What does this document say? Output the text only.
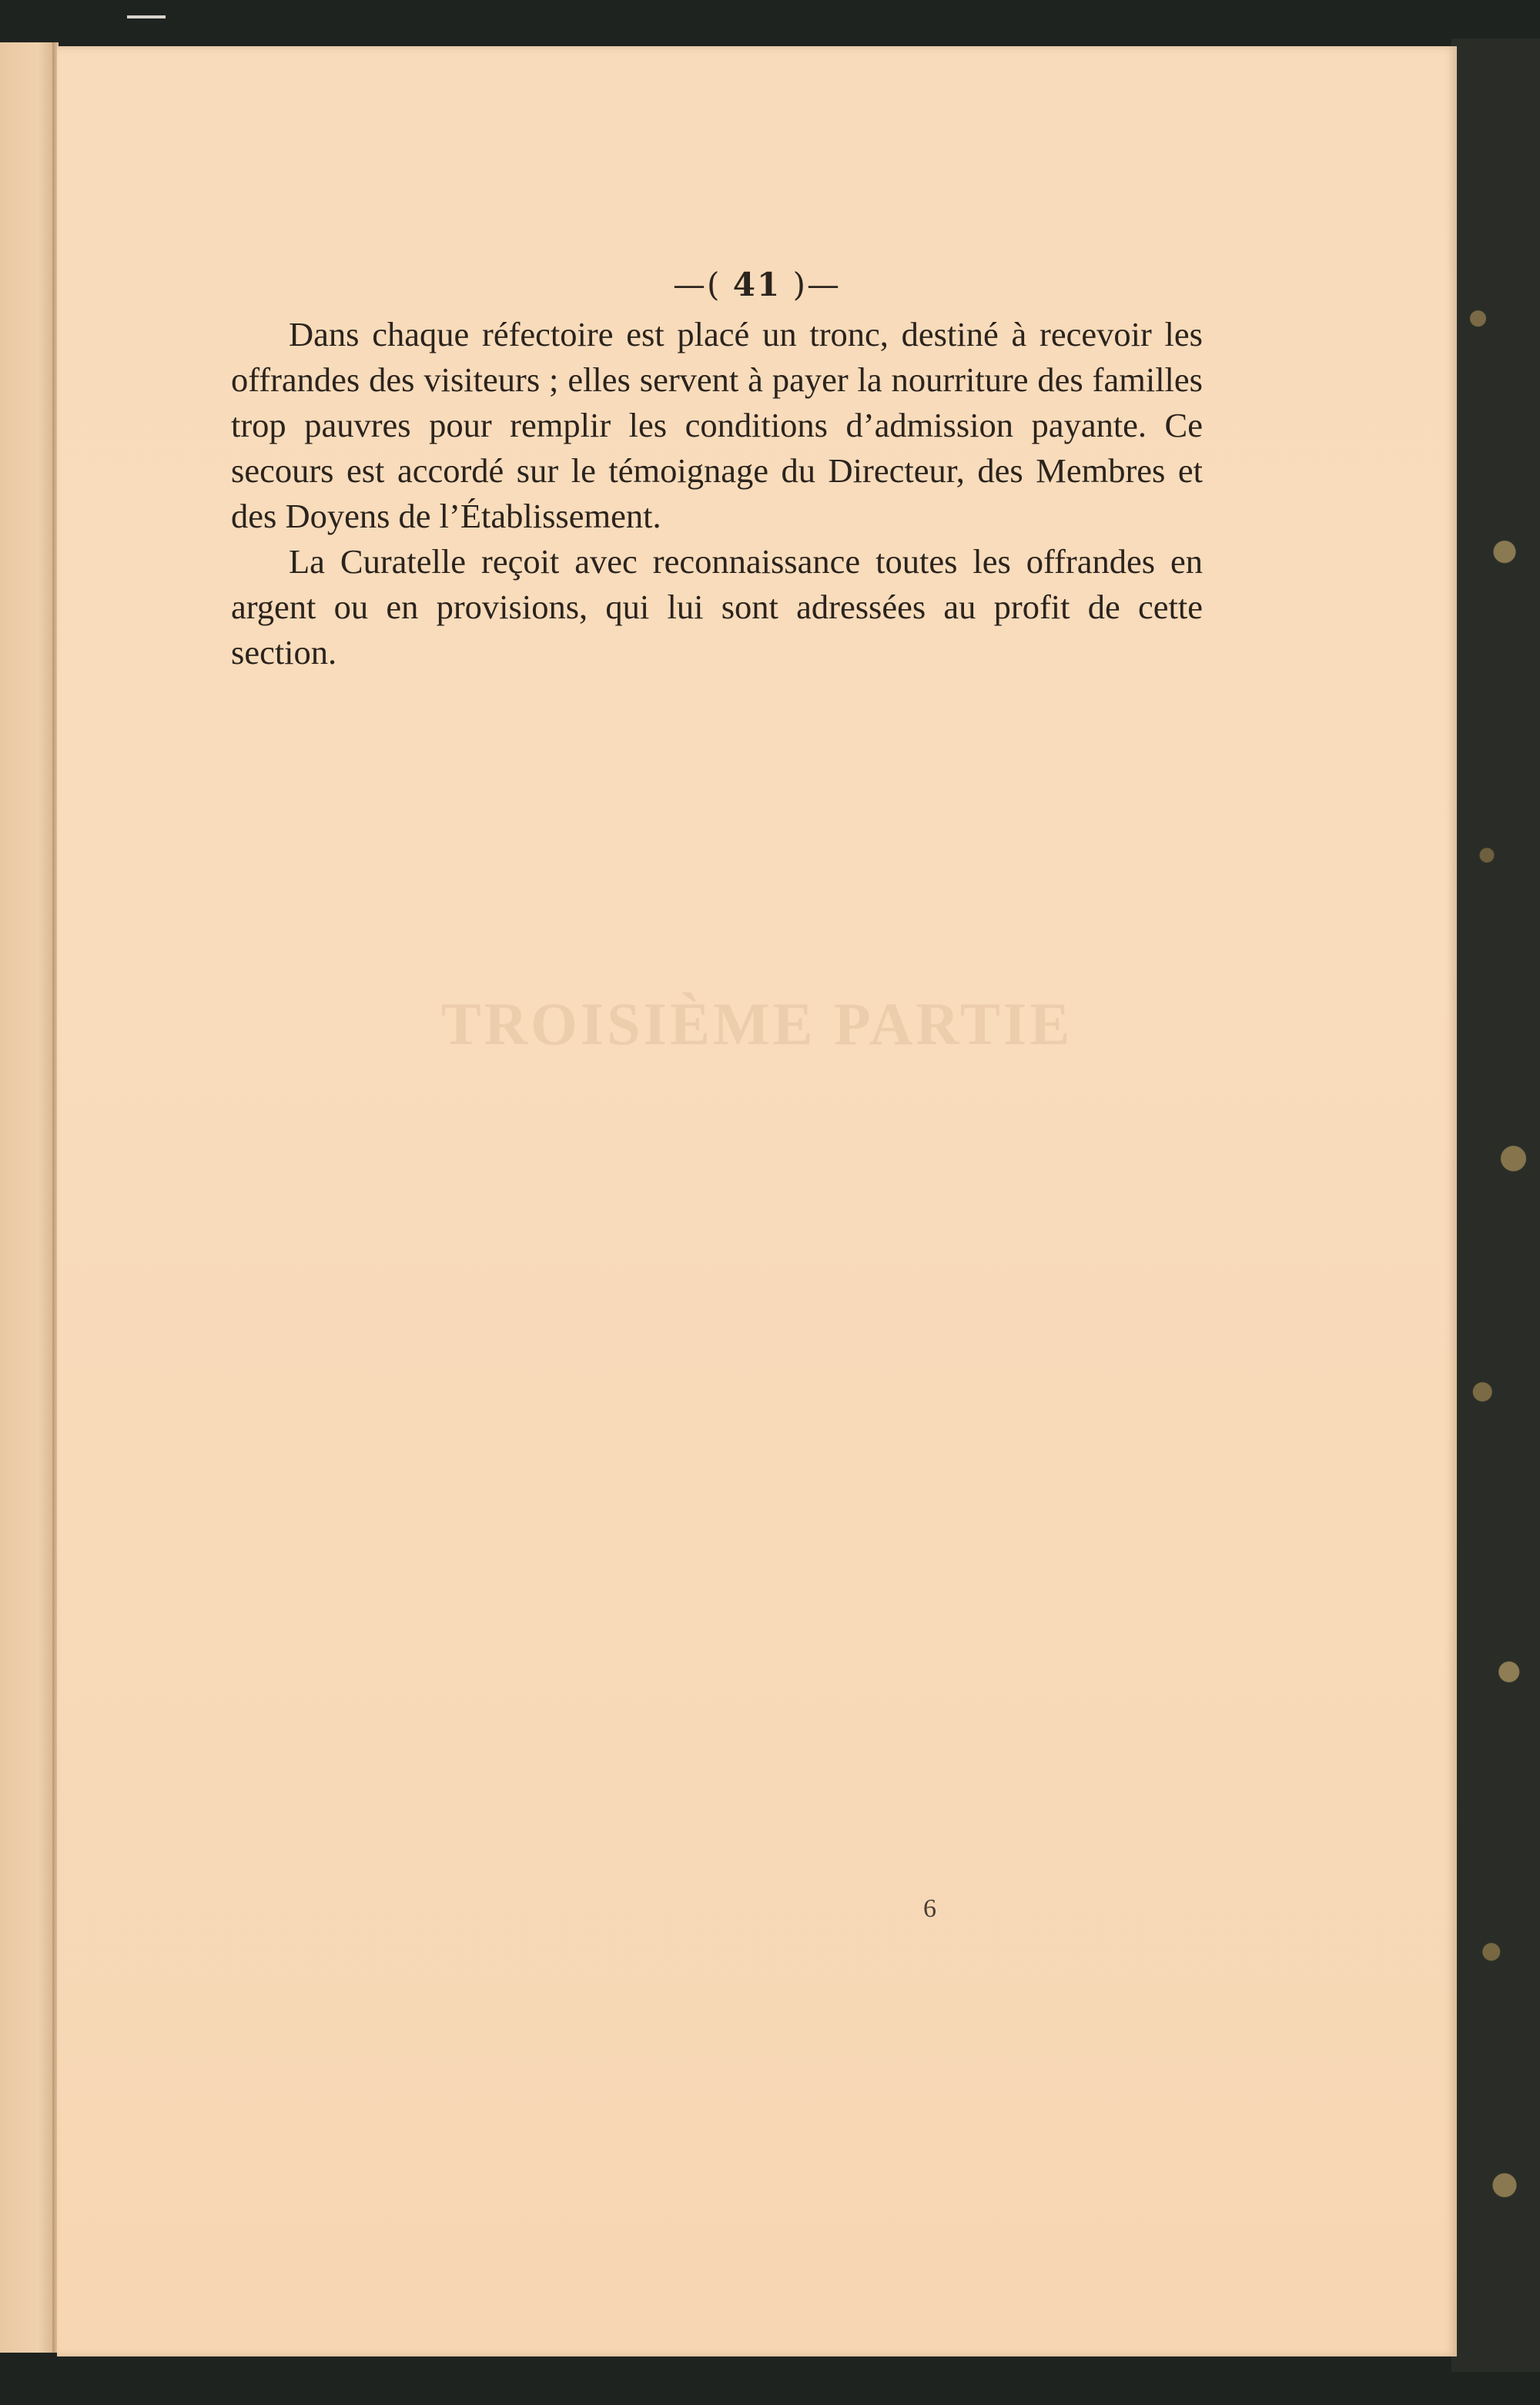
—( 41 )—

Dans chaque réfectoire est placé un tronc, destiné à recevoir les offrandes des visiteurs ; elles servent à payer la nourriture des familles trop pauvres pour remplir les conditions d’admission payante. Ce secours est accordé sur le témoignage du Directeur, des Membres et des Doyens de l’Établissement.

La Curatelle reçoit avec reconnaissance toutes les offrandes en argent ou en provisions, qui lui sont adressées au profit de cette section.

TROISIÈME PARTIE
6
